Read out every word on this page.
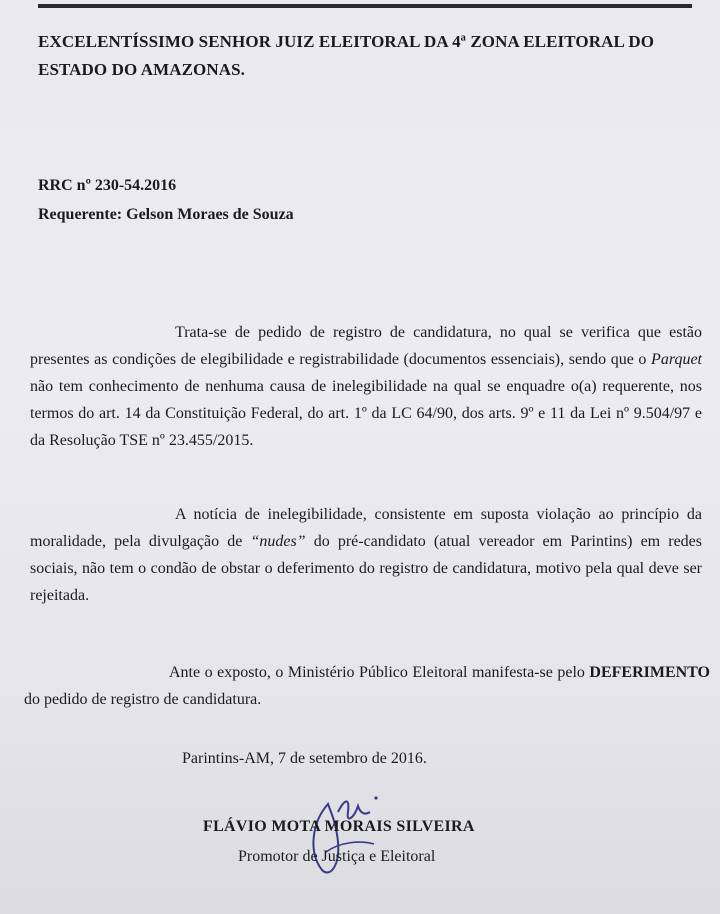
EXCELENTÍSSIMO SENHOR JUIZ ELEITORAL DA 4ª ZONA ELEITORAL DO
ESTADO DO AMAZONAS.
RRC nº 230-54.2016
Requerente: Gelson Moraes de Souza
Trata-se de pedido de registro de candidatura, no qual se verifica que estão presentes as condições de elegibilidade e registrabilidade (documentos essenciais), sendo que o Parquet não tem conhecimento de nenhuma causa de inelegibilidade na qual se enquadre o(a) requerente, nos termos do art. 14 da Constituição Federal, do art. 1º da LC 64/90, dos arts. 9º e 11 da Lei nº 9.504/97 e da Resolução TSE nº 23.455/2015.
A notícia de inelegibilidade, consistente em suposta violação ao princípio da moralidade, pela divulgação de “nudes” do pré-candidato (atual vereador em Parintins) em redes sociais, não tem o condão de obstar o deferimento do registro de candidatura, motivo pela qual deve ser rejeitada.
Ante o exposto, o Ministério Público Eleitoral manifesta-se pelo DEFERIMENTO do pedido de registro de candidatura.
Parintins-AM, 7 de setembro de 2016.
FLÁVIO MOTA MORAIS SILVEIRA
Promotor de Justiça e Eleitoral
